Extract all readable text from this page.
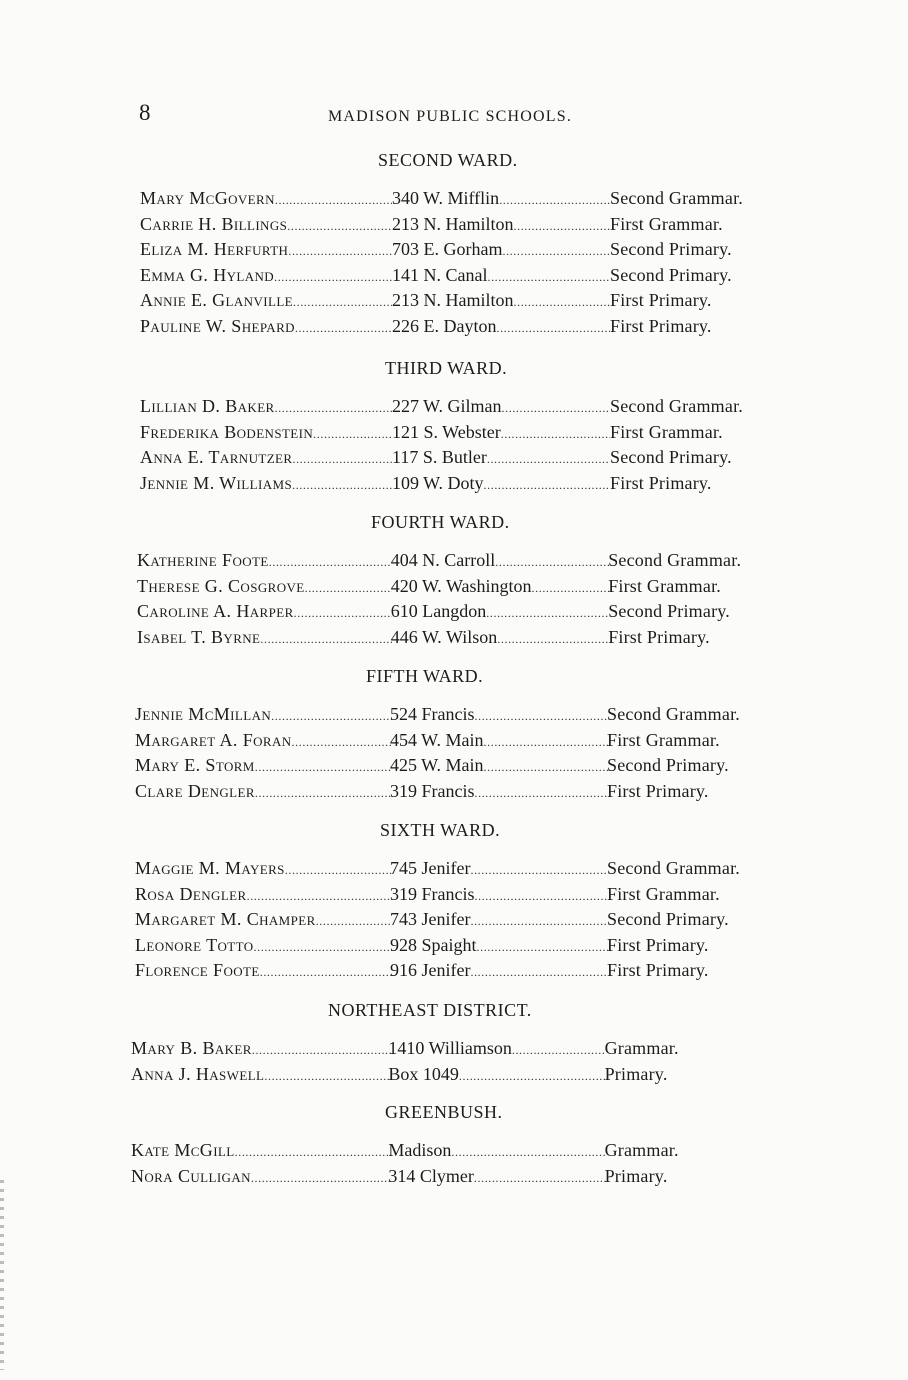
8	MADISON PUBLIC SCHOOLS.
SECOND WARD.
Mary McGovern .....	340 W. Mifflin .....	Second Grammar.
Carrie H. Billings .....	213 N. Hamilton .....	First Grammar.
Eliza M. Herfurth .....	703 E. Gorham .....	Second Primary.
Emma G. Hyland .....	141 N. Canal .....	Second Primary.
Annie E. Glanville .....	213 N. Hamilton .....	First Primary.
Pauline W. Shepard .....	226 E. Dayton .....	First Primary.
THIRD WARD.
Lillian D. Baker .....	227 W. Gilman .....	Second Grammar.
Frederika Bodenstein .....	121 S. Webster .....	First Grammar.
Anna E. Tarnutzer .....	117 S. Butler .....	Second Primary.
Jennie M. Williams .....	109 W. Doty .....	First Primary.
FOURTH WARD.
Katherine Foote .....	404 N. Carroll .....	Second Grammar.
Therese G. Cosgrove .....	420 W. Washington .....	First Grammar.
Caroline A. Harper .....	610 Langdon .....	Second Primary.
Isabel T. Byrne .....	446 W. Wilson .....	First Primary.
FIFTH WARD.
Jennie McMillan .....	524 Francis .....	Second Grammar.
Margaret A. Foran .....	454 W. Main .....	First Grammar.
Mary E. Storm .....	425 W. Main .....	Second Primary.
Clare Dengler .....	319 Francis .....	First Primary.
SIXTH WARD.
Maggie M. Mayers .....	745 Jenifer .....	Second Grammar.
Rosa Dengler .....	319 Francis .....	First Grammar.
Margaret M. Champer .....	743 Jenifer .....	Second Primary.
Leonore Totto .....	928 Spaight .....	First Primary.
Florence Foote .....	916 Jenifer .....	First Primary.
NORTHEAST DISTRICT.
Mary B. Baker .....	1410 Williamson .....	Grammar.
Anna J. Haswell .....	Box 1049 .....	Primary.
GREENBUSH.
Kate McGill .....	Madison .....	Grammar.
Nora Culligan .....	314 Clymer .....	Primary.
